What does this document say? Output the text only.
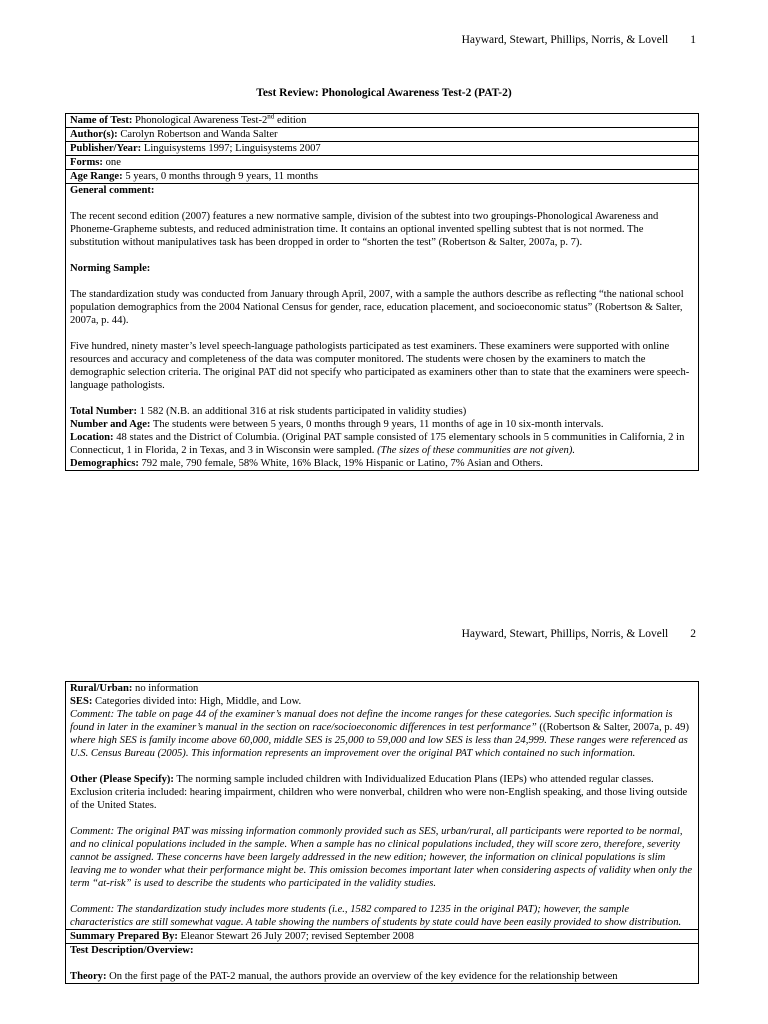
Hayward, Stewart, Phillips, Norris, & Lovell 1
Test Review: Phonological Awareness Test-2 (PAT-2)
Name of Test: Phonological Awareness Test-2nd edition
Author(s): Carolyn Robertson and Wanda Salter
Publisher/Year: Linguisystems 1997; Linguisystems 2007
Forms: one
Age Range: 5 years, 0 months through 9 years, 11 months

General comment:

The recent second edition (2007) features a new normative sample, division of the subtest into two groupings-Phonological Awareness and Phoneme-Grapheme subtests, and reduced administration time. It contains an optional invented spelling subtest that is not normed. The substitution without manipulatives task has been dropped in order to “shorten the test” (Robertson & Salter, 2007a, p. 7).

Norming Sample:

The standardization study was conducted from January through April, 2007, with a sample the authors describe as reflecting “the national school population demographics from the 2004 National Census for gender, race, education placement, and socioeconomic status” (Robertson & Salter, 2007a, p. 44).

Five hundred, ninety master’s level speech-language pathologists participated as test examiners. These examiners were supported with online resources and accuracy and completeness of the data was computer monitored. The students were chosen by the examiners to match the demographic selection criteria. The original PAT did not specify who participated as examiners other than to state that the examiners were speech-language pathologists.

Total Number: 1 582 (N.B. an additional 316 at risk students participated in validity studies)
Number and Age: The students were between 5 years, 0 months through 9 years, 11 months of age in 10 six-month intervals.
Location: 48 states and the District of Columbia. (Original PAT sample consisted of 175 elementary schools in 5 communities in California, 2 in Connecticut, 1 in Florida, 2 in Texas, and 3 in Wisconsin were sampled. (The sizes of these communities are not given).
Demographics: 792 male, 790 female, 58% White, 16% Black, 19% Hispanic or Latino, 7% Asian and Others.
Hayward, Stewart, Phillips, Norris, & Lovell 2
Rural/Urban: no information
SES: Categories divided into: High, Middle, and Low.

Comment: The table on page 44 of the examiner’s manual does not define the income ranges for these categories. Such specific information is found in later in the examiner’s manual in the section on race/socioeconomic differences in test performance” ((Robertson & Salter, 2007a, p. 49) where high SES is family income above 60,000, middle SES is 25,000 to 59,000 and low SES is less than 24,999. These ranges were referenced as U.S. Census Bureau (2005). This information represents an improvement over the original PAT which contained no such information.

Other (Please Specify): The norming sample included children with Individualized Education Plans (IEPs) who attended regular classes. Exclusion criteria included: hearing impairment, children who were nonverbal, children who were non-English speaking, and those living outside of the United States.

Comment: The original PAT was missing information commonly provided such as SES, urban/rural, all participants were reported to be normal, and no clinical populations included in the sample. When a sample has no clinical populations included, they will score zero, therefore, severity cannot be assigned. These concerns have been largely addressed in the new edition; however, the information on clinical populations is slim leaving me to wonder what their performance might be. This omission becomes important later when considering aspects of validity when only the term “at-risk” is used to describe the students who participated in the validity studies.

Comment: The standardization study includes more students (i.e., 1582 compared to 1235 in the original PAT); however, the sample characteristics are still somewhat vague. A table showing the numbers of students by state could have been easily provided to show distribution.

Summary Prepared By: Eleanor Stewart 26 July 2007; revised September 2008
Test Description/Overview:
Theory: On the first page of the PAT-2 manual, the authors provide an overview of the key evidence for the relationship between
